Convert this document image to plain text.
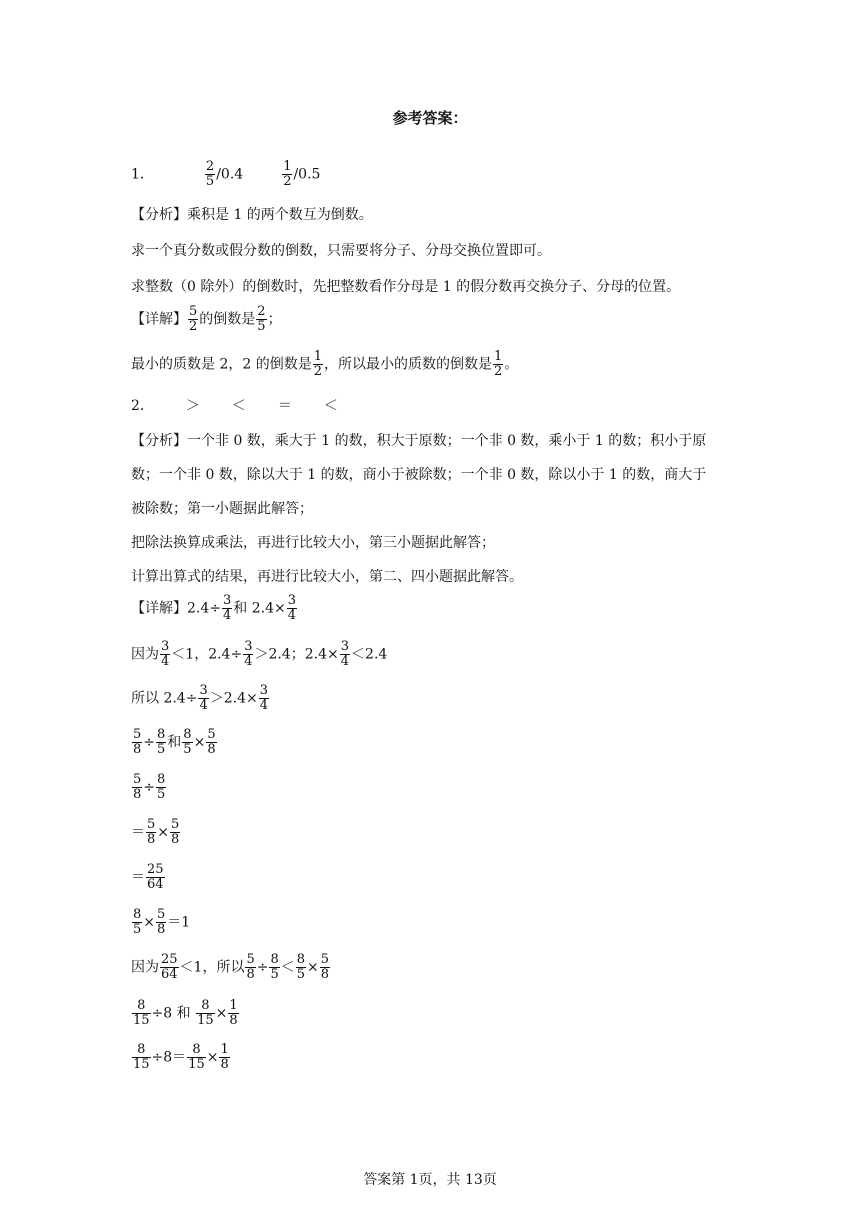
参考答案：
1．	$\frac{2}{5} /0.4$	$\frac{1}{2} /0.5$
【分析】乘积是 1 的两个数互为倒数。
求一个真分数或假分数的倒数，只需要将分子、分母交换位置即可。
求整数（0 除外）的倒数时，先把整数看作分母是 1 的假分数再交换分子、分母的位置。
【详解】 $\frac{5}{2}$ 的倒数是 $\frac{2}{5}$ ；
最小的质数是 2，2 的倒数是 $\frac{1}{2}$ ，所以最小的质数的倒数是 $\frac{1}{2}$ 。
2． ＞ ＜ ＝ ＜
【分析】一个非 0 数，乘大于 1 的数，积大于原数；一个非 0 数，乘小于 1 的数；积小于原
数；一个非 0 数，除以大于 1 的数，商小于被除数；一个非 0 数，除以小于 1 的数，商大于
被除数；第一小题据此解答；
把除法换算成乘法，再进行比较大小，第三小题据此解答；
计算出算式的结果，再进行比较大小，第二、四小题据此解答。
【详解】$2.4\div \frac{3}{4}$ 和 $2.4\times \frac{3}{4}$
因为 $\frac{3}{4} <1$，$2.4\div \frac{3}{4} >2.4$；$2.4\times \frac{3}{4} <2.4$
所以 $2.4\div \frac{3}{4} >2.4\times \frac{3}{4}$
$\frac{5}{8} \div \frac{8}{5}$ 和 $\frac{8}{5} \times \frac{5}{8}$
$\frac{5}{8} \div \frac{8}{5}$
＝ $\frac{5}{8} \times \frac{5}{8}$
＝ $\frac{25}{64}$
$\frac{8}{5} \times \frac{5}{8} =1$
因为 $\frac{25}{64} <1$，所以 $\frac{5}{8} \div \frac{8}{5} < \frac{8}{5} \times \frac{5}{8}$
$\frac{8}{15} \div 8$ 和 $\frac{8}{15} \times \frac{1}{8}$
$\frac{8}{15} \div 8= \frac{8}{15} \times \frac{1}{8}$
答案第 1页，共 13页
